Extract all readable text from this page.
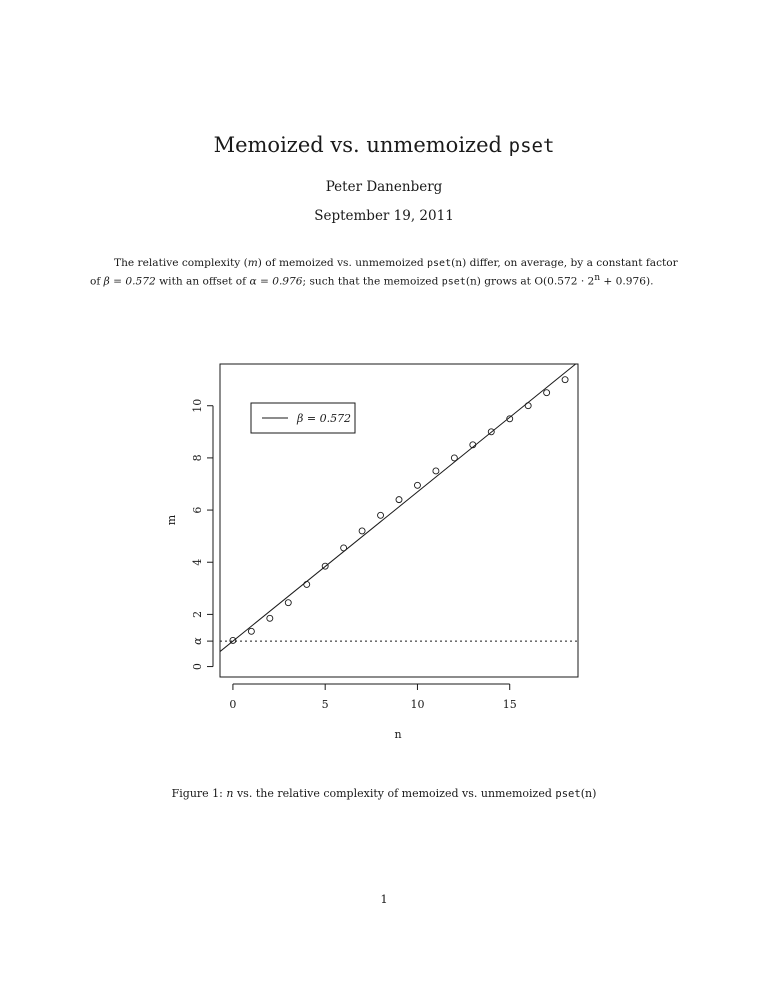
Memoized vs. unmemoized pset
Peter Danenberg
September 19, 2011
The relative complexity (m) of memoized vs. unmemoized pset(n) differ, on average, by a constant factor of β = 0.572 with an offset of α = 0.976; such that the memoized pset(n) grows at $O(0.572 \cdot 2^n + 0.976)$.
0	5	10	15
0
α
2
4
6
8
10
β = 0.572
n
m
Figure 1: n vs. the relative complexity of memoized vs. unmemoized pset(n)
1
